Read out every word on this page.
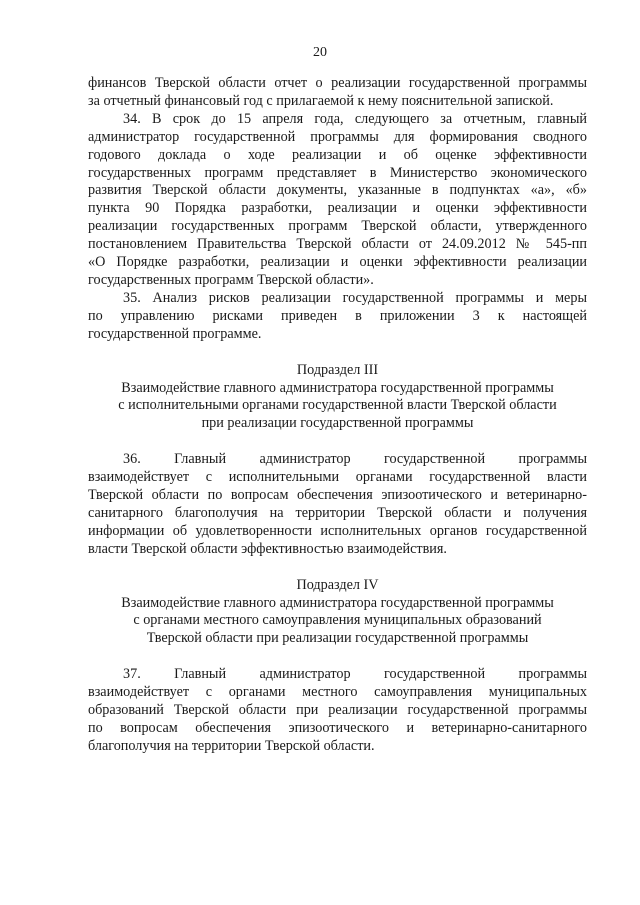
20
финансов Тверской области отчет о реализации государственной программы
за отчетный финансовый год с прилагаемой к нему пояснительной запиской.
34. В срок до 15 апреля года, следующего за отчетным, главный
администратор государственной программы для формирования сводного
годового доклада о ходе реализации и об оценке эффективности
государственных программ представляет в Министерство экономического
развития Тверской области документы, указанные в подпунктах «а», «б»
пункта 90 Порядка разработки, реализации и оценки эффективности
реализации государственных программ Тверской области, утвержденного
постановлением Правительства Тверской области от 24.09.2012 № 545-пп
«О Порядке разработки, реализации и оценки эффективности реализации
государственных программ Тверской области».
35. Анализ рисков реализации государственной программы и меры
по управлению рисками приведен в приложении 3 к настоящей
государственной программе.
Подраздел III
Взаимодействие главного администратора государственной программы
с исполнительными органами государственной власти Тверской области
при реализации государственной программы
36. Главный администратор государственной программы
взаимодействует с исполнительными органами государственной власти
Тверской области по вопросам обеспечения эпизоотического и ветеринарно-
санитарного благополучия на территории Тверской области и получения
информации об удовлетворенности исполнительных органов государственной
власти Тверской области эффективностью взаимодействия.
Подраздел IV
Взаимодействие главного администратора государственной программы
с органами местного самоуправления муниципальных образований
Тверской области при реализации государственной программы
37. Главный администратор государственной программы
взаимодействует с органами местного самоуправления муниципальных
образований Тверской области при реализации государственной программы
по вопросам обеспечения эпизоотического и ветеринарно-санитарного
благополучия на территории Тверской области.
